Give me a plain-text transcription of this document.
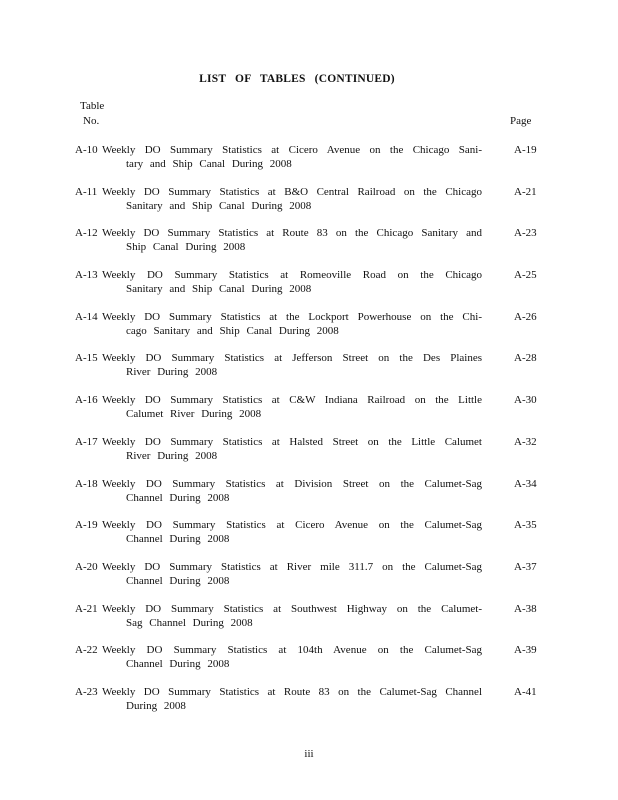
LIST OF TABLES (CONTINUED)
Table
No.	Page
A-10 Weekly DO Summary Statistics at Cicero Avenue on the Chicago Sani-
tary and Ship Canal During 2008
A-19
A-11 Weekly DO Summary Statistics at B&O Central Railroad on the Chicago
Sanitary and Ship Canal During 2008
A-21
A-12 Weekly DO Summary Statistics at Route 83 on the Chicago Sanitary and
Ship Canal During 2008
A-23
A-13 Weekly DO Summary Statistics at Romeoville Road on the Chicago
Sanitary and Ship Canal During 2008
A-25
A-14 Weekly DO Summary Statistics at the Lockport Powerhouse on the Chi-
cago Sanitary and Ship Canal During 2008
A-26
A-15 Weekly DO Summary Statistics at Jefferson Street on the Des Plaines
River During 2008
A-28
A-16 Weekly DO Summary Statistics at C&W Indiana Railroad on the Little
Calumet River During 2008
A-30
A-17 Weekly DO Summary Statistics at Halsted Street on the Little Calumet
River During 2008
A-32
A-18 Weekly DO Summary Statistics at Division Street on the Calumet-Sag
Channel During 2008
A-34
A-19 Weekly DO Summary Statistics at Cicero Avenue on the Calumet-Sag
Channel During 2008
A-35
A-20 Weekly DO Summary Statistics at River mile 311.7 on the Calumet-Sag
Channel During 2008
A-37
A-21 Weekly DO Summary Statistics at Southwest Highway on the Calumet-
Sag Channel During 2008
A-38
A-22 Weekly DO Summary Statistics at 104th Avenue on the Calumet-Sag
Channel During 2008
A-39
A-23 Weekly DO Summary Statistics at Route 83 on the Calumet-Sag Channel
During 2008
A-41
iii
